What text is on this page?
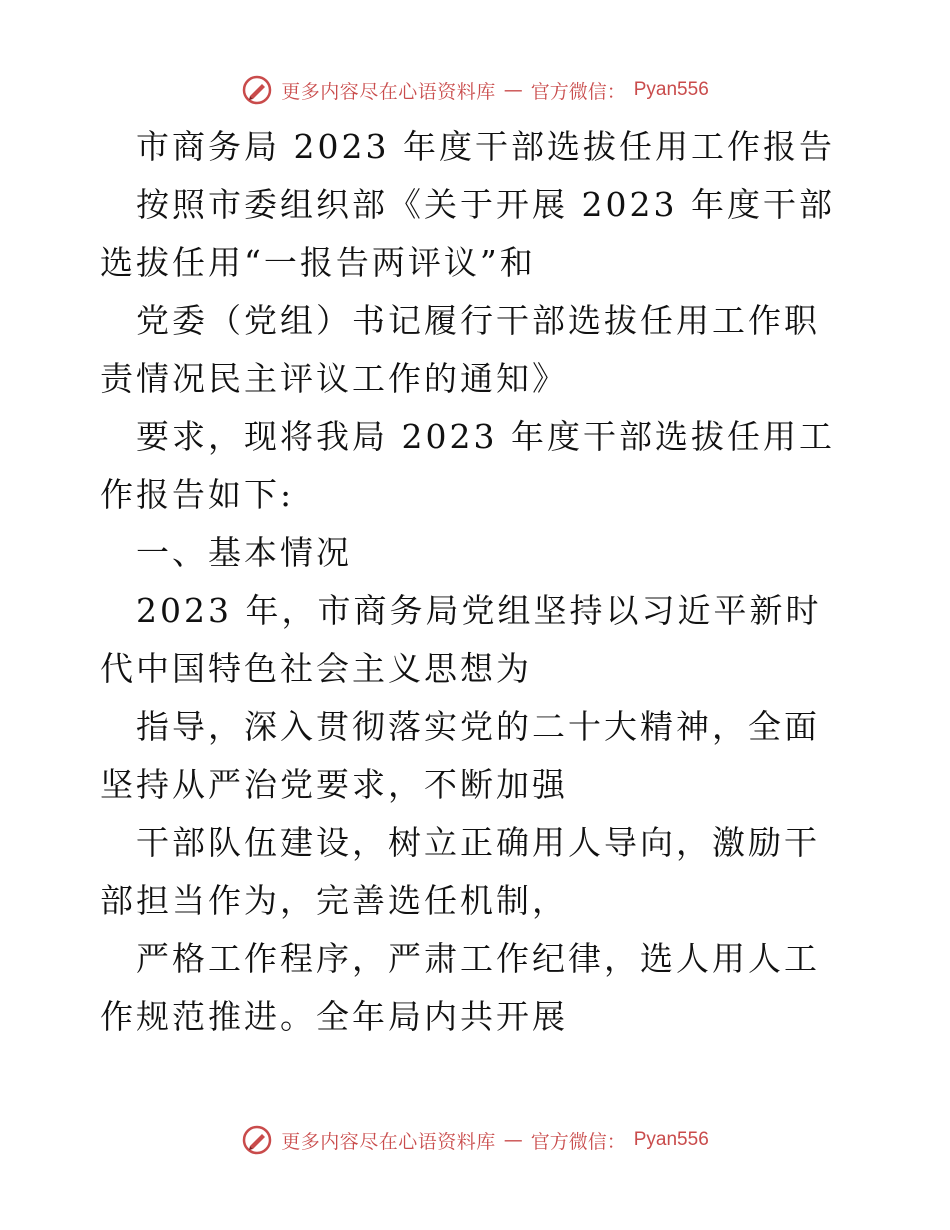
更多内容尽在心语资料库 — 官方微信： Pyan556

市商务局 2023 年度干部选拔任用工作报告

按照市委组织部《关于开展 2023 年度干部选拔任用“一报告两评议”和

党委（党组）书记履行干部选拔任用工作职责情况民主评议工作的通知》

要求，现将我局 2023 年度干部选拔任用工作报告如下:

一、基本情况

2023 年，市商务局党组坚持以习近平新时代中国特色社会主义思想为

指导，深入贯彻落实党的二十大精神，全面坚持从严治党要求，不断加强

干部队伍建设，树立正确用人导向，激励干部担当作为，完善选任机制，

严格工作程序，严肃工作纪律，选人用人工作规范推进。全年局内共开展

更多内容尽在心语资料库 — 官方微信： Pyan556
